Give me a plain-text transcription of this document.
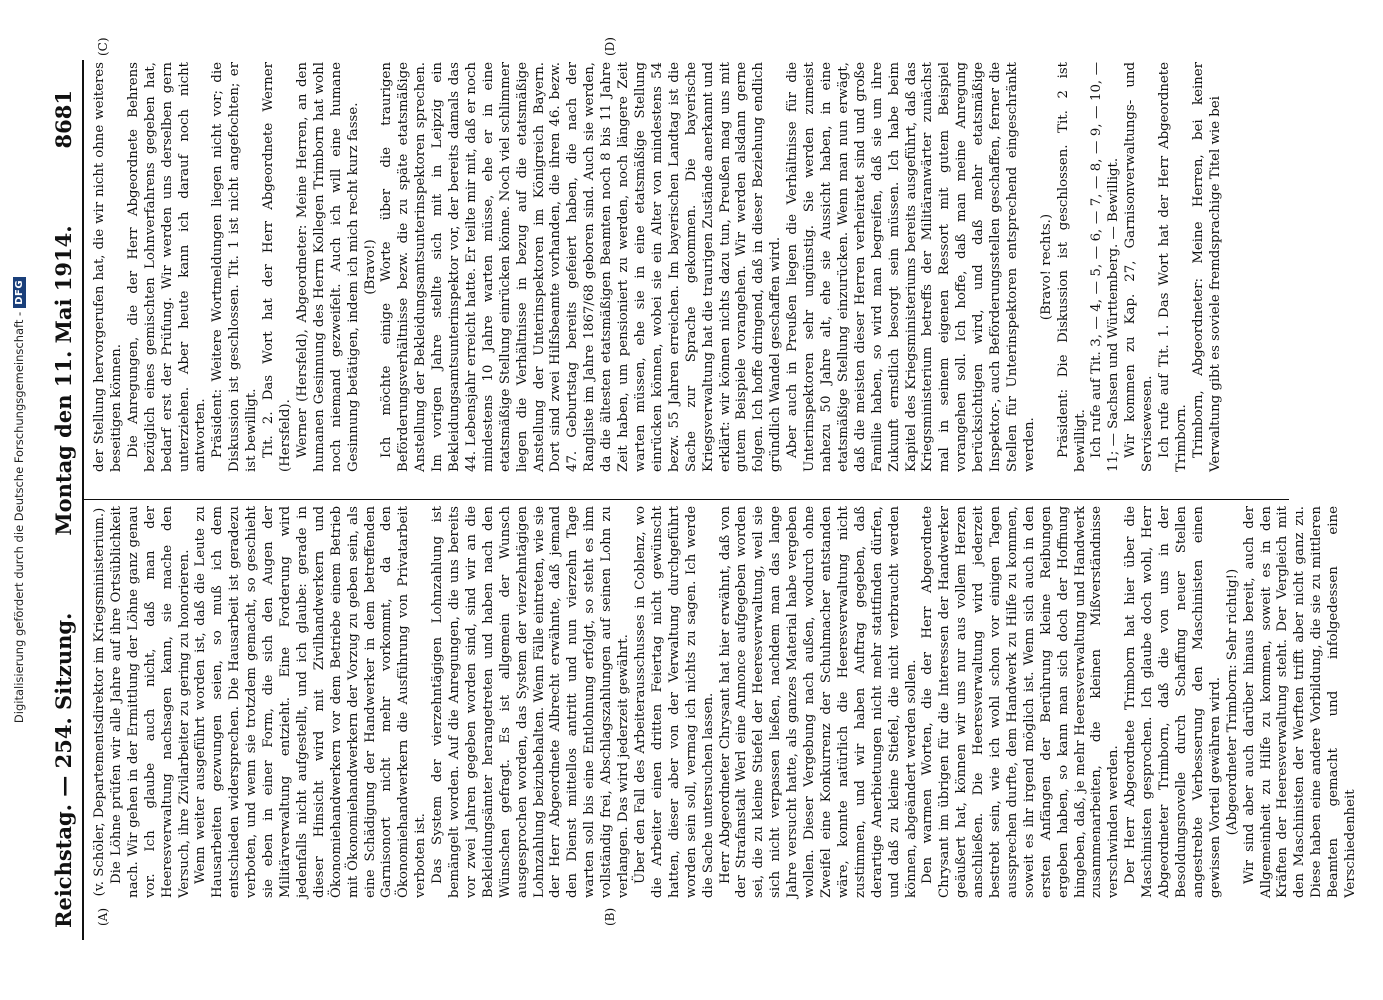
Digitalisierung gefördert durch die Deutsche Forschungsgemeinschaft -
DFG
Reichstag. — 254. Sitzung.
Montag den 11. Mai 1914.
8681
(A)	(B)
(C)	(D)

(v. Schöler, Departementsdirektor im Kriegsministerium.) Die Löhne prüfen wir alle Jahre auf ihre Ortsüblichkeit nach. Wir gehen in der Ermittlung der Löhne ganz genau vor. Ich glaube auch nicht, daß man der Heeresverwaltung nachsagen kann, sie mache den Versuch, ihre Zivilarbeiter zu gering zu honorieren. Wenn weiter ausgeführt worden ist, daß die Leute zu Hausarbeiten gezwungen seien, so muß ich dem entschieden widersprechen. Die Hausarbeit ist geradezu verboten, und wenn sie trotzdem gemacht, so geschieht sie eben in einer Form, die sich den Augen der Militärverwaltung entzieht. Eine Forderung wird jedenfalls nicht aufgestellt, und ich glaube: gerade in dieser Hinsicht wird mit Zivilhandwerkern und Ökonomiehandwerkern vor dem Betriebe einem Betrieb mit Ökonomiehandwerkern der Vorzug zu geben sein, als eine Schädigung der Handwerker in dem betreffenden Garnisonort nicht mehr vorkommt, da den Ökonomiehandwerkern die Ausführung von Privatarbeit verboten ist. Das System der vierzehntägigen Lohnzahlung ist bemängelt worden. Auf die Anregungen, die uns bereits vor zwei Jahren gegeben worden sind, sind wir an die Bekleidungsämter herangetreten und haben nach den Wünschen gefragt. Es ist allgemein der Wunsch ausgesprochen worden, das System der vierzehntägigen Lohnzahlung beizubehalten. Wenn Fälle eintreten, wie sie der Herr Abgeordnete Albrecht erwähnte, daß jemand den Dienst mittellos antritt und nun vierzehn Tage warten soll bis eine Entlohnung erfolgt, so steht es ihm vollständig frei, Abschlagszahlungen auf seinen Lohn zu verlangen. Das wird jederzeit gewährt. Über den Fall des Arbeiterausschusses in Coblenz, wo die Arbeiter einen dritten Feiertag nicht gewünscht hatten, dieser aber von der Verwaltung durchgeführt worden sein soll, vermag ich nichts zu sagen. Ich werde die Sache untersuchen lassen. Herr Abgeordneter Chrysant hat hier erwähnt, daß von der Strafanstalt Werl eine Annonce aufgegeben worden sei, die zu kleine Stiefel der Heeresverwaltung, weil sie sich nicht verpassen ließen, nachdem man das lange Jahre versucht hatte, als ganzes Material habe vergeben wollen. Dieser Vergebung nach außen, wodurch ohne Zweifel eine Konkurrenz der Schuhmacher entstanden wäre, konnte natürlich die Heeresverwaltung nicht zustimmen, und wir haben Auftrag gegeben, daß derartige Anerbietungen nicht mehr stattfinden dürfen, und daß zu kleine Stiefel, die nicht verbraucht werden können, abgeändert werden sollen. Den warmen Worten, die der Herr Abgeordnete Chrysant im übrigen für die Interessen der Handwerker geäußert hat, können wir uns nur aus vollem Herzen anschließen. Die Heeresverwaltung wird jederzeit bestrebt sein, wie ich wohl schon vor einigen Tagen aussprechen durfte, dem Handwerk zu Hilfe zu kommen, soweit es ihr irgend möglich ist. Wenn sich auch in den ersten Anfängen der Berührung kleine Reibungen ergeben haben, so kann man sich doch der Hoffnung hingeben, daß, je mehr Heeresverwaltung und Handwerk zusammenarbeiten, die kleinen Mißverständnisse verschwinden werden. Der Herr Abgeordnete Trimborn hat hier über die Maschinisten gesprochen. Ich glaube doch wohl, Herr Abgeordneter Trimborn, daß die von uns in der Besoldungsnovelle durch Schaffung neuer Stellen angestrebte Verbesserung den Maschinisten einen gewissen Vorteil gewähren wird. (Abgeordneter Trimborn: Sehr richtig!) Wir sind aber auch darüber hinaus bereit, auch der Allgemeinheit zu Hilfe zu kommen, soweit es in den Kräften der Heeresverwaltung steht. Der Vergleich mit den Maschinisten der Werften trifft aber nicht ganz zu. Diese haben eine andere Vorbildung, die sie zu mittleren Beamten gemacht und infolgedessen eine Verschiedenheit

der Stellung hervorgerufen hat, die wir nicht ohne weiteres beseitigen können. Die Anregungen, die der Herr Abgeordnete Behrens bezüglich eines gemischten Lohnverfahrens gegeben hat, bedarf erst der Prüfung. Wir werden uns derselben gern unterziehen. Aber heute kann ich darauf noch nicht antworten. Präsident: Weitere Wortmeldungen liegen nicht vor; die Diskussion ist geschlossen. Tit. 1 ist nicht angefochten; er ist bewilligt. Tit. 2. Das Wort hat der Herr Abgeordnete Werner (Hersfeld). Werner (Hersfeld), Abgeordneter: Meine Herren, an den humanen Gesinnung des Herrn Kollegen Trimborn hat wohl noch niemand gezweifelt. Auch ich will eine humane Gesinnung betätigen, indem ich mich recht kurz fasse. (Bravo!) Ich möchte einige Worte über die traurigen Beförderungsverhältnisse bezw. die zu späte etatsmäßige Anstellung der Bekleidungsamtsunterinspektoren sprechen. Im vorigen Jahre stellte sich mit in Leipzig ein Bekleidungsamtsunterinspektor vor, der bereits damals das 44. Lebensjahr erreicht hatte. Er teilte mir mit, daß er noch mindestens 10 Jahre warten müsse, ehe er in eine etatsmäßige Stellung einrücken könne. Noch viel schlimmer liegen die Verhältnisse in bezug auf die etatsmäßige Anstellung der Unterinspektoren im Königreich Bayern. Dort sind zwei Hilfsbeamte vorhanden, die ihren 46. bezw. 47. Geburtstag bereits gefeiert haben, die nach der Rangliste im Jahre 1867/68 geboren sind. Auch sie werden, da die ältesten etatsmäßigen Beamten noch 8 bis 11 Jahre Zeit haben, um pensioniert zu werden, noch längere Zeit warten müssen, ehe sie in eine etatsmäßige Stellung einrücken können, wobei sie ein Alter von mindestens 54 bezw. 55 Jahren erreichen. Im bayerischen Landtag ist die Sache zur Sprache gekommen. Die bayerische Kriegsverwaltung hat die traurigen Zustände anerkannt und erklärt: wir können nichts dazu tun, Preußen mag uns mit gutem Beispiele vorangehen. Wir werden alsdann gerne folgen. Ich hoffe dringend, daß in dieser Beziehung endlich gründlich Wandel geschaffen wird. Aber auch in Preußen liegen die Verhältnisse für die Unterinspektoren sehr ungünstig. Sie werden zumeist nahezu 50 Jahre alt, ehe sie Aussicht haben, in eine etatsmäßige Stellung einzurücken. Wenn man nun erwägt, daß die meisten dieser Herren verheiratet sind und große Familie haben, so wird man begreifen, daß sie um ihre Zukunft ernstlich besorgt sein müssen. Ich habe beim Kapitel des Kriegsministeriums bereits ausgeführt, daß das Kriegsministerium betreffs der Militäranwärter zunächst mal in seinem eigenen Ressort mit gutem Beispiel vorangehen soll. Ich hoffe, daß man meine Anregung berücksichtigen wird, und daß mehr etatsmäßige Inspektor-, auch Beförderungsstellen geschaffen, ferner die Stellen für Unterinspektoren entsprechend eingeschränkt werden.

(Bravo! rechts.) Präsident: Die Diskussion ist geschlossen. Tit. 2 ist bewilligt. Ich rufe auf Tit. 3, — 4, — 5, — 6, — 7, — 8, — 9, — 10, — 11; — Sachsen und Württemberg. — Bewilligt. Wir kommen zu Kap. 27, Garnisonverwaltungs- und Servisewesen. Ich rufe auf Tit. 1. Das Wort hat der Herr Abgeordnete Trimborn. Trimborn, Abgeordneter: Meine Herren, bei keiner Verwaltung gibt es soviele fremdsprachige Titel wie bei
